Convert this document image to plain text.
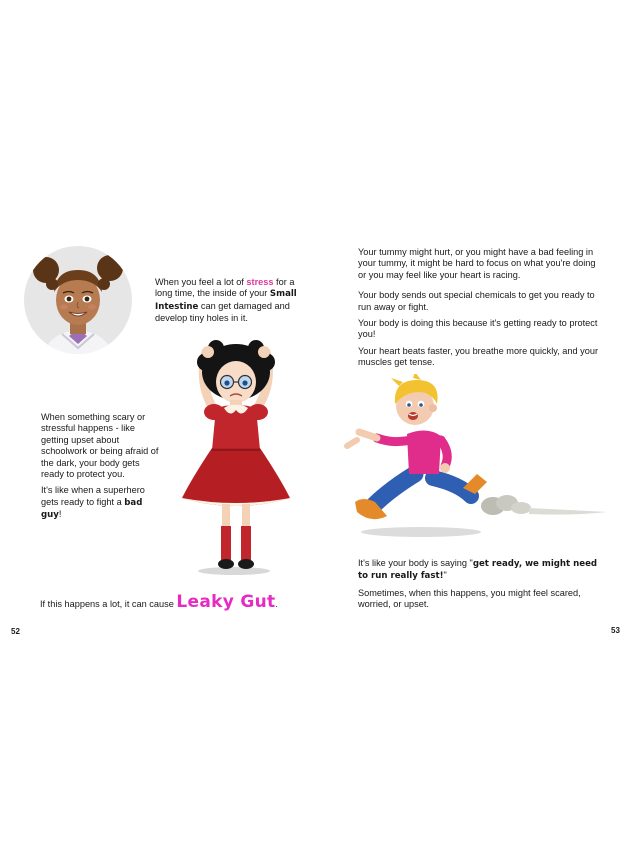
When you feel a lot of stress for a long time, the inside of your Small Intestine can get damaged and develop tiny holes in it.

When something scary or stressful happens - like getting upset about schoolwork or being afraid of the dark, your body gets ready to protect you.

It's like when a superhero gets ready to fight a bad guy!

If this happens a lot, it can cause Leaky Gut.
52

Your tummy might hurt, or you might have a bad feeling in your tummy, it might be hard to focus on what you're doing or you may feel like your heart is racing.

Your body sends out special chemicals to get you ready to run away or fight.

Your body is doing this because it's getting ready to protect you!

Your heart beats faster, you breathe more quickly, and your muscles get tense.

It's like your body is saying "get ready, we might need to run really fast!"

Sometimes, when this happens, you might feel scared, worried, or upset.

53
